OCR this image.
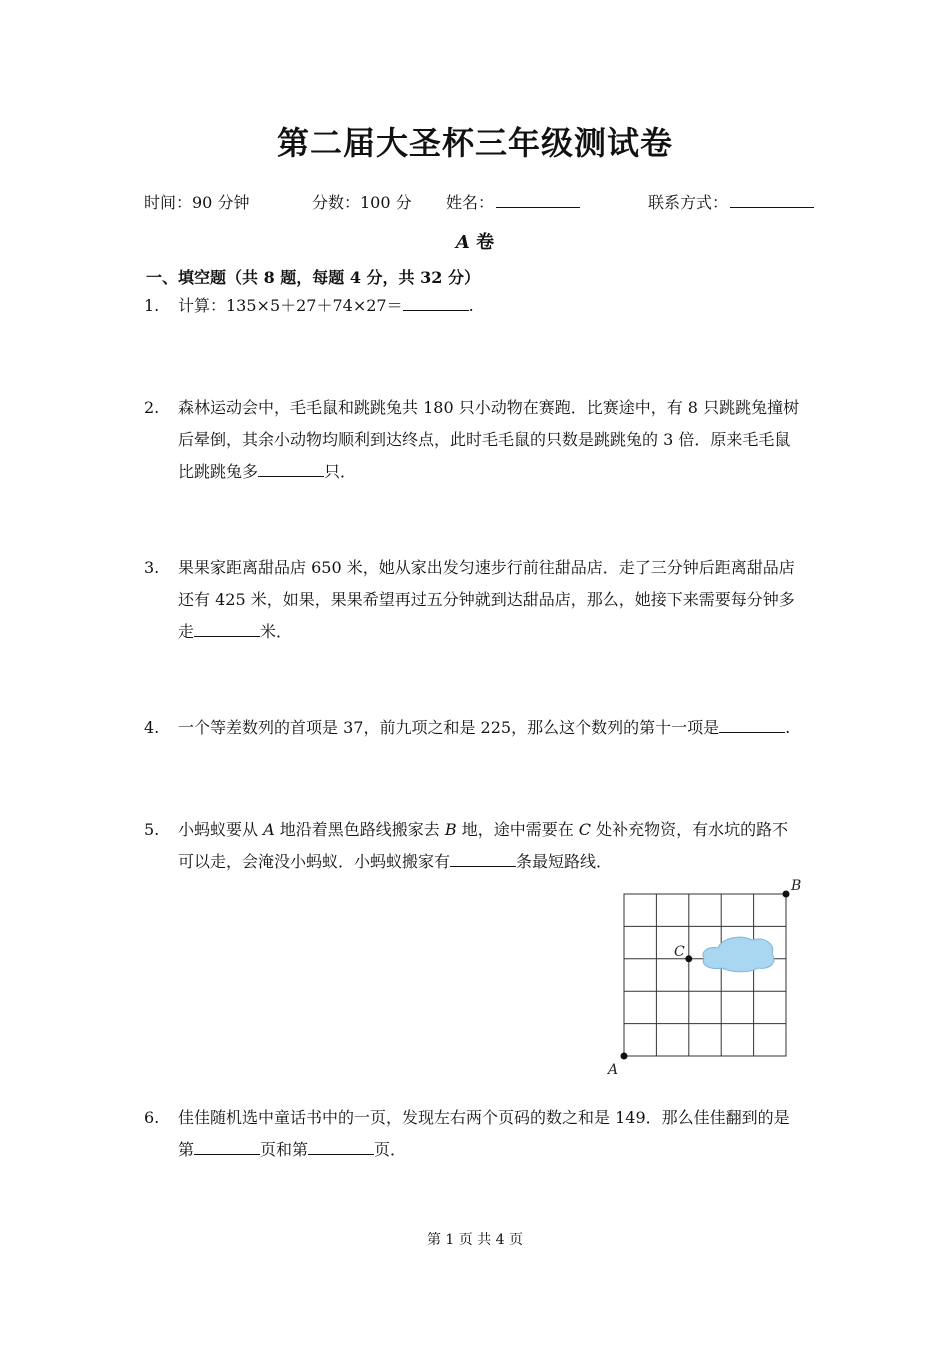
第二届大圣杯三年级测试卷
时间：90 分钟	分数：100 分 姓名：	联系方式：
A 卷
一、填空题（共 8 题，每题 4 分，共 32 分）
1. 计算：135×5＋27＋74×27＝	.
2. 森林运动会中，毛毛鼠和跳跳兔共 180 只小动物在赛跑．比赛途中，有 8 只跳跳兔撞树
后晕倒，其余小动物均顺利到达终点，此时毛毛鼠的只数是跳跳兔的 3 倍．原来毛毛鼠
比跳跳兔多	只．
3. 果果家距离甜品店 650 米，她从家出发匀速步行前往甜品店．走了三分钟后距离甜品店
还有 425 米，如果，果果希望再过五分钟就到达甜品店，那么，她接下来需要每分钟多
走	米．
4. 一个等差数列的首项是 37，前九项之和是 225，那么这个数列的第十一项是	.
5. 小蚂蚁要从 A 地沿着黑色路线搬家去 B 地，途中需要在 C 处补充物资，有水坑的路不
可以走，会淹没小蚂蚁．小蚂蚁搬家有	条最短路线．
A
B
C
6. 佳佳随机选中童话书中的一页，发现左右两个页码的数之和是 149．那么佳佳翻到的是
第	页和第	页．
第 1 页 共 4 页
